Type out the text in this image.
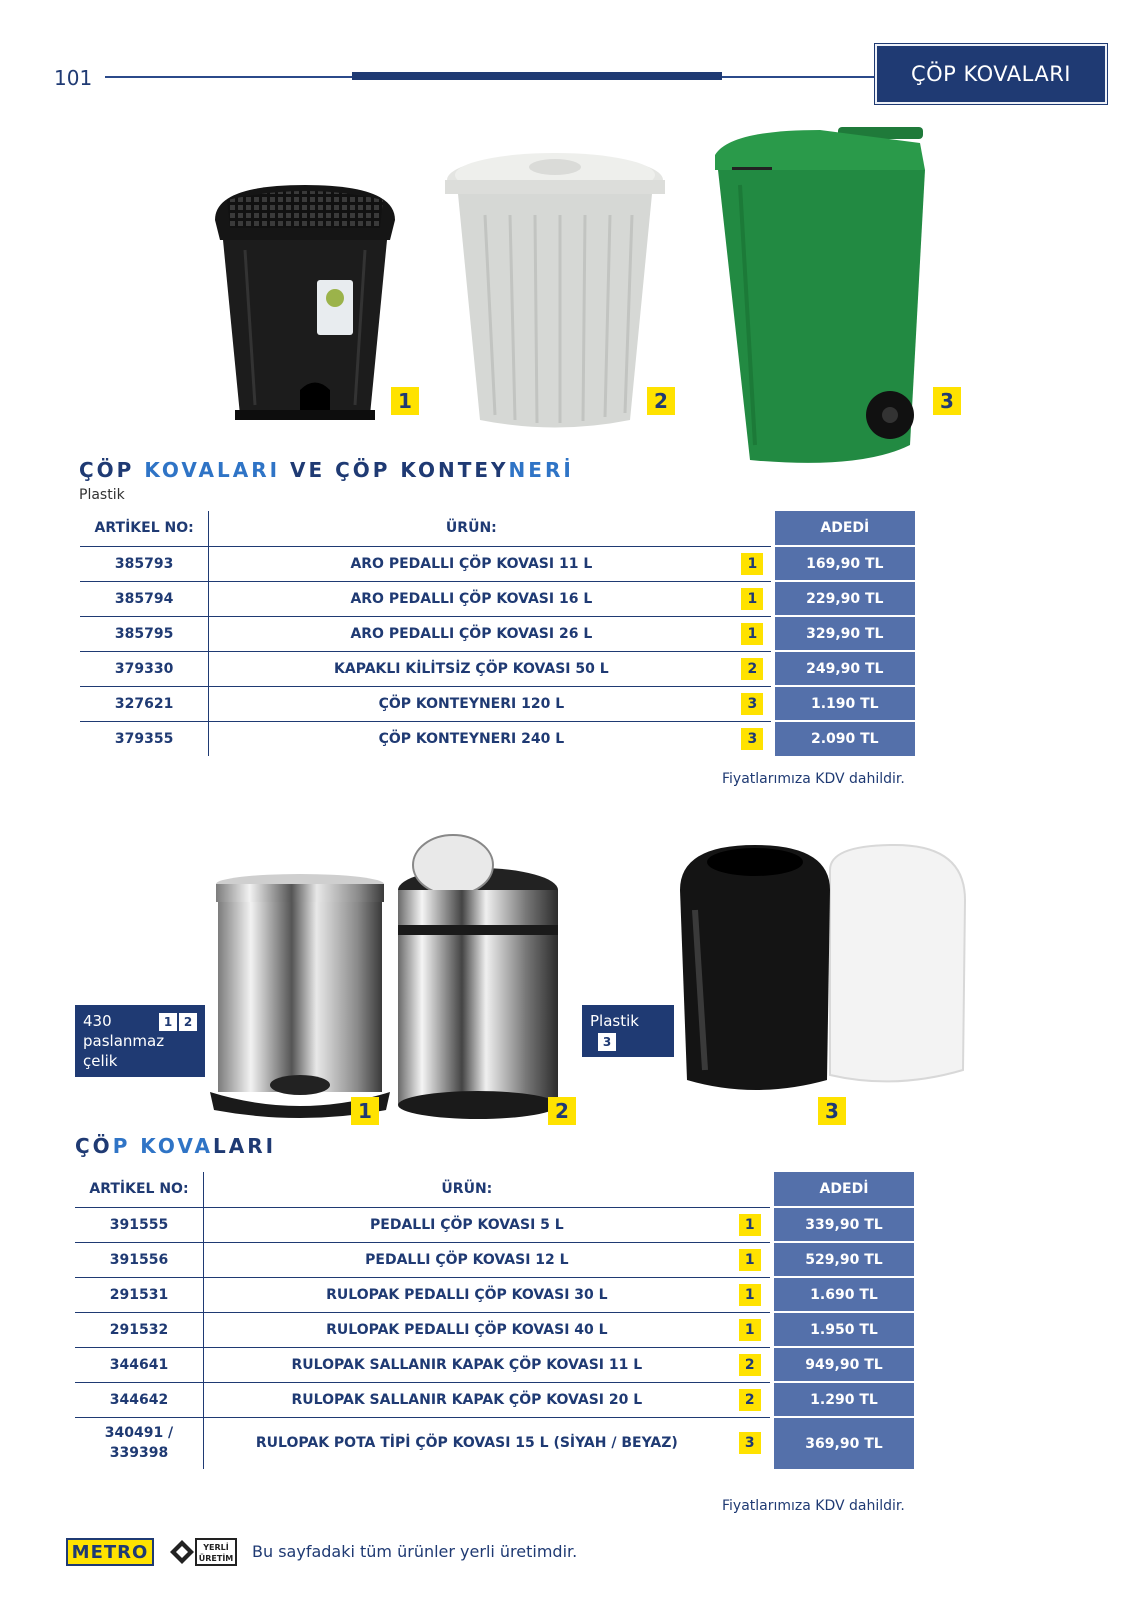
101	ÇÖP KOVALARI
1	2	3
ÇÖP KOVALARI VE ÇÖP KONTEYNERİ
Plastik
ARTİKEL NO:	ÜRÜN:			ADEDİ
385793	ARO PEDALLI ÇÖP KOVASI 11 L	1		169,90 TL
385794	ARO PEDALLI ÇÖP KOVASI 16 L	1		229,90 TL
385795	ARO PEDALLI ÇÖP KOVASI 26 L	1		329,90 TL
379330	KAPAKLI KİLİTSİZ ÇÖP KOVASI 50 L	2		249,90 TL
327621	ÇÖP KONTEYNERI 120 L	3		1.190 TL
379355	ÇÖP KONTEYNERI 240 L	3		2.090 TL
Fiyatlarımıza KDV dahildir.
1	2	3
430	1 2
paslanmaz çelik
Plastik 3
ÇÖP KOVALARI
ARTİKEL NO:	ÜRÜN:			ADEDİ
391555	PEDALLI ÇÖP KOVASI 5 L	1		339,90 TL
391556	PEDALLI ÇÖP KOVASI 12 L	1		529,90 TL
291531	RULOPAK PEDALLI ÇÖP KOVASI 30 L	1		1.690 TL
291532	RULOPAK PEDALLI ÇÖP KOVASI 40 L	1		1.950 TL
344641	RULOPAK SALLANIR KAPAK ÇÖP KOVASI 11 L	2		949,90 TL
344642	RULOPAK SALLANIR KAPAK ÇÖP KOVASI 20 L	2		1.290 TL

340491 /
339398	RULOPAK POTA TİPİ ÇÖP KOVASI 15 L (SİYAH / BEYAZ)	3		369,90 TL
Fiyatlarımıza KDV dahildir.
METRO	YERLİ
ÜRETİM Bu sayfadaki tüm ürünler yerli üretimdir.
